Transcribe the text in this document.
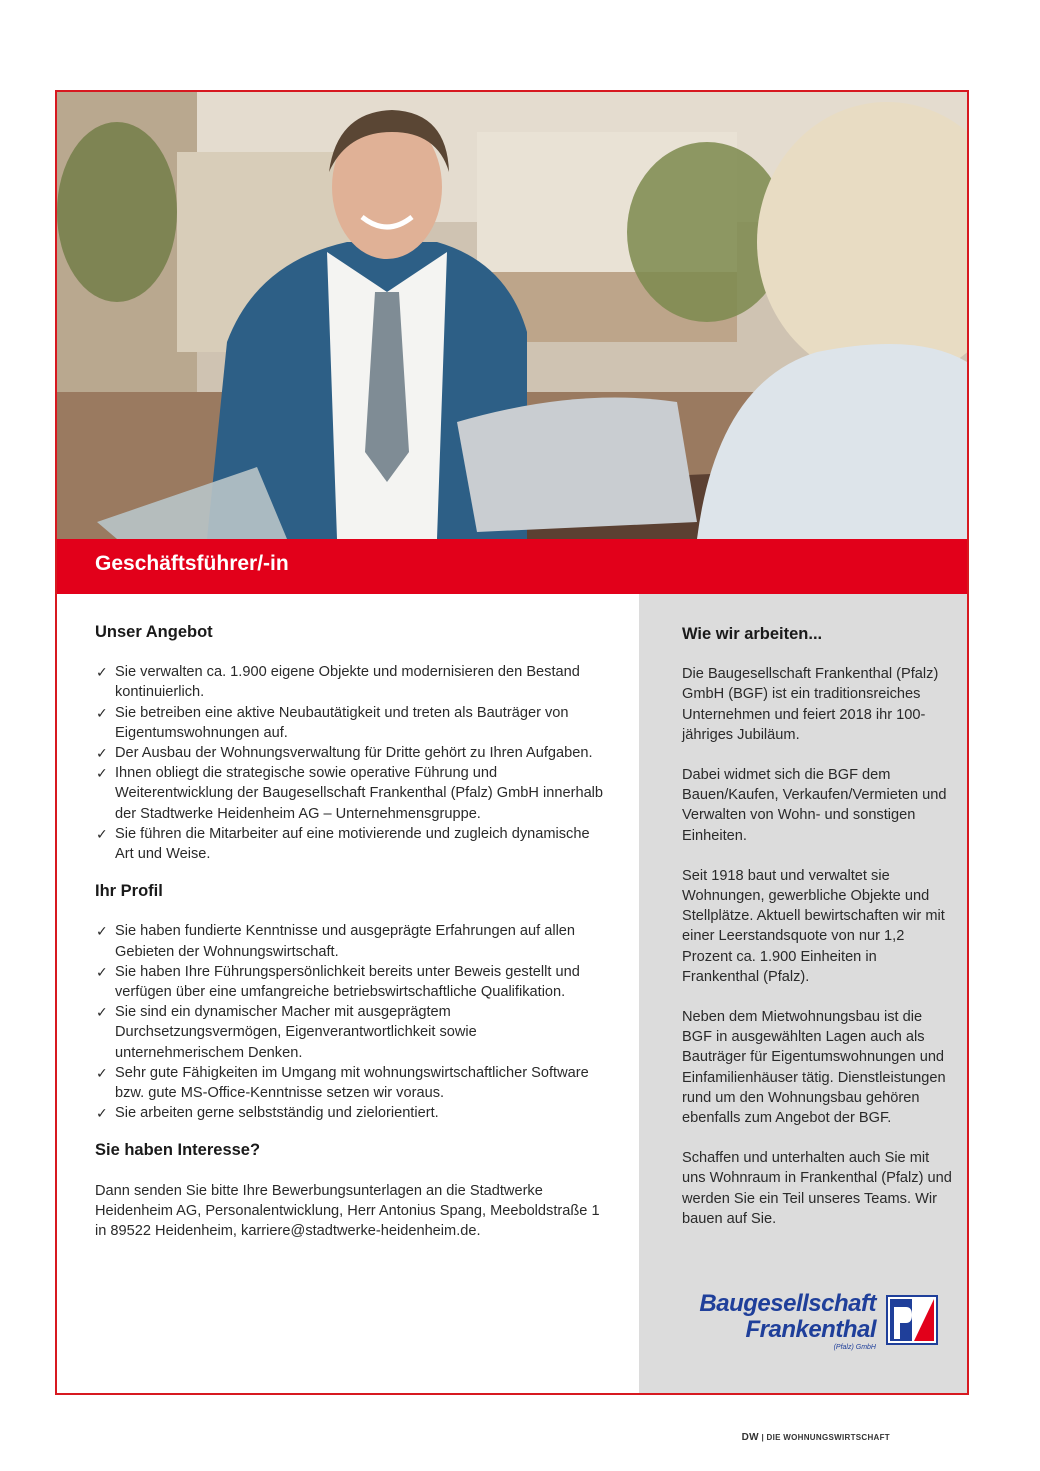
Geschäftsführer/-in
Unser Angebot
✓ Sie verwalten ca. 1.900 eigene Objekte und modernisieren den Bestand kontinuierlich.
✓ Sie betreiben eine aktive Neubautätigkeit und treten als Bauträger von Eigentumswohnungen auf.
✓ Der Ausbau der Wohnungsverwaltung für Dritte gehört zu Ihren Aufgaben.
✓ Ihnen obliegt die strategische sowie operative Führung und Weiterentwicklung der Baugesellschaft Frankenthal (Pfalz) GmbH innerhalb der Stadtwerke Heidenheim AG – Unternehmensgruppe.
✓ Sie führen die Mitarbeiter auf eine motivierende und zugleich dynamische Art und Weise.
Ihr Profil
✓ Sie haben fundierte Kenntnisse und ausgeprägte Erfahrungen auf allen Gebieten der Wohnungswirtschaft.
✓ Sie haben Ihre Führungspersönlichkeit bereits unter Beweis gestellt und verfügen über eine umfangreiche betriebswirtschaftliche Qualifikation.
✓ Sie sind ein dynamischer Macher mit ausgeprägtem Durchsetzungsvermögen, Eigenverantwortlichkeit sowie unternehmerischem Denken.
✓ Sehr gute Fähigkeiten im Umgang mit wohnungswirtschaftlicher Software bzw. gute MS-Office-Kenntnisse setzen wir voraus.
✓ Sie arbeiten gerne selbstständig und zielorientiert.
Sie haben Interesse?

Dann senden Sie bitte Ihre Bewerbungsunterlagen an die Stadtwerke Heidenheim AG, Personalentwicklung, Herr Antonius Spang, Meeboldstraße 1 in 89522 Heidenheim, karriere@stadtwerke-heidenheim.de.

Wie wir arbeiten...

Die Baugesellschaft Frankenthal (Pfalz) GmbH (BGF) ist ein traditionsreiches Unternehmen und feiert 2018 ihr 100-jähriges Jubiläum.

Dabei widmet sich die BGF dem Bauen/Kaufen, Verkaufen/Vermieten und Verwalten von Wohn- und sonstigen Einheiten.

Seit 1918 baut und verwaltet sie Wohnungen, gewerbliche Objekte und Stellplätze. Aktuell bewirtschaften wir mit einer Leerstandsquote von nur 1,2 Prozent ca. 1.900 Einheiten in Frankenthal (Pfalz).

Neben dem Mietwohnungsbau ist die BGF in ausgewählten Lagen auch als Bauträger für Eigentumswohnungen und Einfamilienhäuser tätig. Dienstleistungen rund um den Wohnungsbau gehören ebenfalls zum Angebot der BGF.

Schaffen und unterhalten auch Sie mit uns Wohnraum in Frankenthal (Pfalz) und werden Sie ein Teil unseres Teams. Wir bauen auf Sie.

Baugesellschaft
Frankenthal
(Pfalz) GmbH
DW | DIE WOHNUNGSWIRTSCHAFT
